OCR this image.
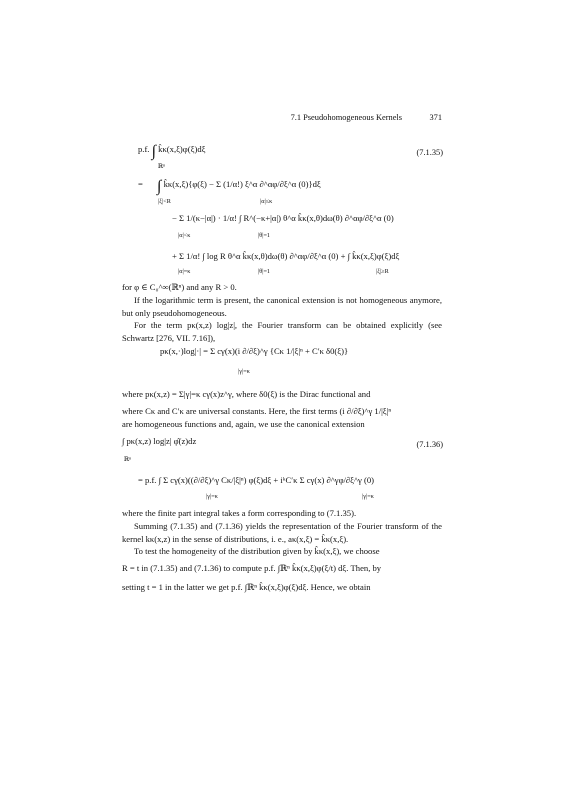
7.1 Pseudohomogeneous Kernels	371
p.f. ∫ k̂κ(x,ξ)φ(ξ)dξ
ℝⁿ
(7.1.35)
= ∫ k̂κ(x,ξ){φ(ξ) − Σ (1/α!) ξ^α ∂^αφ/∂ξ^α (0)}dξ
|ξ|<R	|α|≤κ
− Σ 1/(κ−|α|) · 1/α! ∫ R^(−κ+|α|) θ^α k̂κ(x,θ)dω(θ) ∂^αφ/∂ξ^α (0)
|α|<κ	|θ|=1
+ Σ 1/α! ∫ log R θ^α k̂κ(x,θ)dω(θ) ∂^αφ/∂ξ^α (0) + ∫ k̂κ(x,ξ)φ(ξ)dξ
|α|=κ	|θ|=1	|ξ|≥R

for φ ∈ C₀^∞(ℝⁿ) and any R > 0.

If the logarithmic term is present, the canonical extension is not homogeneous anymore, but only pseudohomogeneous.

For the term pκ(x,z) log|z|, the Fourier transform can be obtained explicitly (see Schwartz [276, VII. 7.16]),

pκ(x,·)log|·| = Σ cγ(x)(i ∂/∂ξ)^γ {Cκ 1/|ξ|ⁿ + C′κ δ0(ξ)}
|γ|=κ

where pκ(x,z) = Σ|γ|=κ cγ(x)z^γ, where δ0(ξ) is the Dirac functional and

where Cκ and C′κ are universal constants. Here, the first terms (i ∂/∂ξ)^γ 1/|ξ|ⁿ

are homogeneous functions and, again, we use the canonical extension

∫ pκ(x,z) log|z| φ̂(z)dz
ℝⁿ
(7.1.36)
= p.f. ∫ Σ cγ(x)((∂/∂ξ)^γ Cκ/|ξ|ⁿ) φ(ξ)dξ + iᵏC′κ Σ cγ(x) ∂^γφ/∂ξ^γ (0)
|γ|=κ	|γ|=κ

where the finite part integral takes a form corresponding to (7.1.35).

Summing (7.1.35) and (7.1.36) yields the representation of the Fourier transform of the kernel kκ(x,z) in the sense of distributions, i. e., aκ(x,ξ) = k̂κ(x,ξ).

To test the homogeneity of the distribution given by k̂κ(x,ξ), we choose

R = t in (7.1.35) and (7.1.36) to compute p.f. ∫ℝⁿ k̂κ(x,ξ)φ(ξ/t) dξ. Then, by

setting t = 1 in the latter we get p.f. ∫ℝⁿ k̂κ(x,ξ)φ(ξ)dξ. Hence, we obtain
